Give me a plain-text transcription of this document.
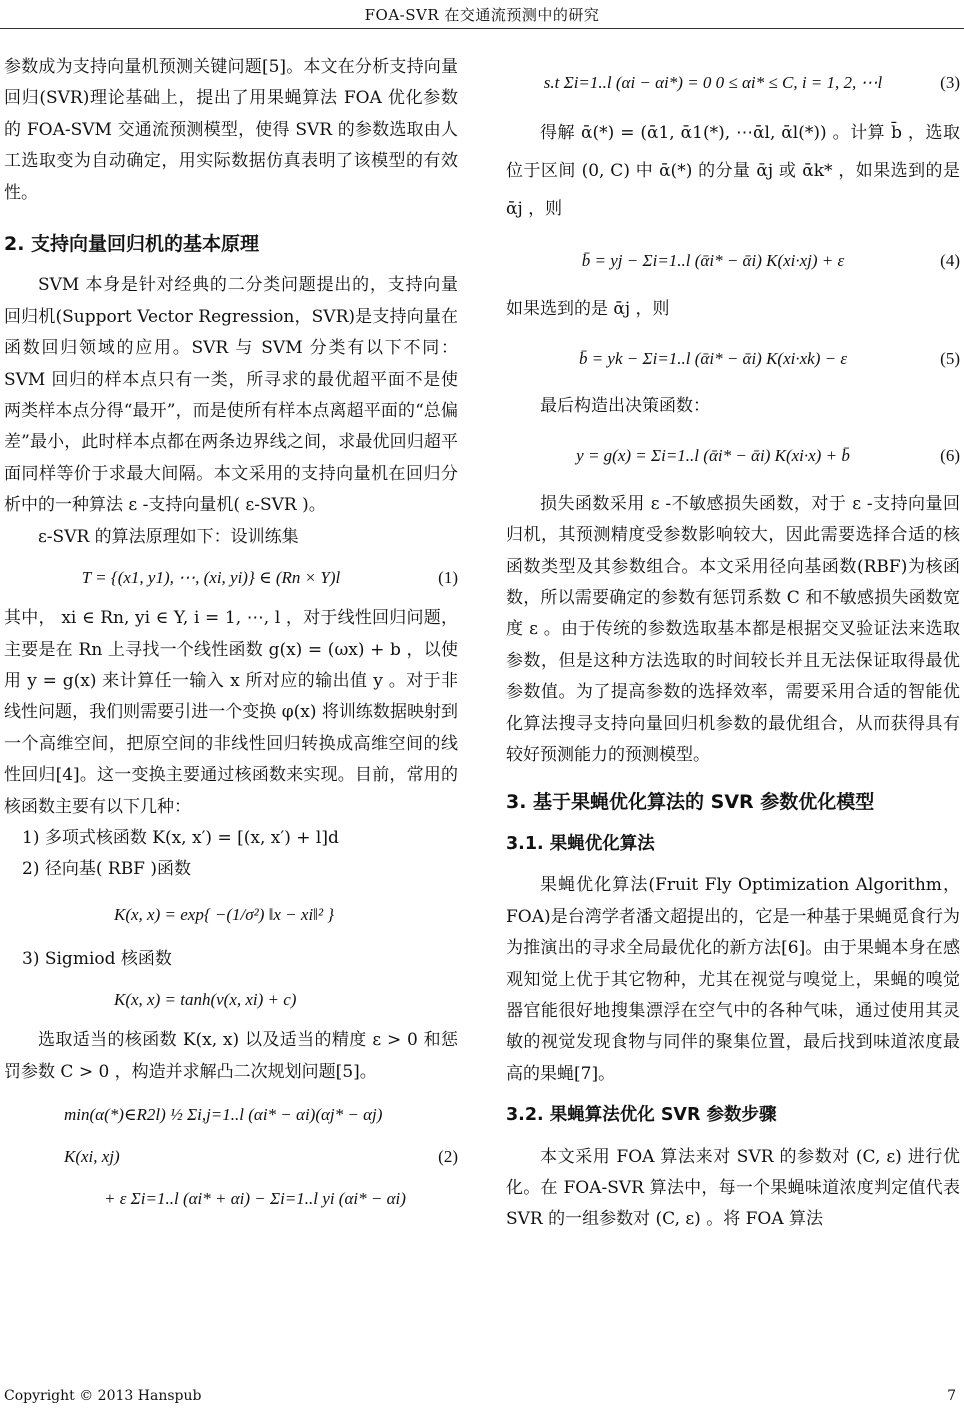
FOA-SVR 在交通流预测中的研究

参数成为支持向量机预测关键问题[5]。本文在分析支持向量回归(SVR)理论基础上，提出了用果蝇算法 FOA 优化参数的 FOA-SVM 交通流预测模型，使得 SVR 的参数选取由人工选取变为自动确定，用实际数据仿真表明了该模型的有效性。

2. 支持向量回归机的基本原理

SVM 本身是针对经典的二分类问题提出的，支持向量回归机(Support Vector Regression，SVR)是支持向量在函数回归领域的应用。SVR 与 SVM 分类有以下不同：SVM 回归的样本点只有一类，所寻求的最优超平面不是使两类样本点分得“最开”，而是使所有样本点离超平面的“总偏差”最小，此时样本点都在两条边界线之间，求最优回归超平面同样等价于求最大间隔。本文采用的支持向量机在回归分析中的一种算法 ε -支持向量机( ε-SVR )。

ε-SVR 的算法原理如下：设训练集

T = {(x1, y1), ⋯, (xi, yi)} ∈ (Rn × Y)l	(1)

其中， xi ∈ Rn, yi ∈ Y, i = 1, ⋯, l ，对于线性回归问题，主要是在 Rn 上寻找一个线性函数 g(x) = (ωx) + b ，以使用 y = g(x) 来计算任一输入 x 所对应的输出值 y 。对于非线性问题，我们则需要引进一个变换 φ(x) 将训练数据映射到一个高维空间，把原空间的非线性回归转换成高维空间的线性回归[4]。这一变换主要通过核函数来实现。目前，常用的核函数主要有以下几种：

1) 多项式核函数 K(x, x′) = [(x, x′) + l]d

2) 径向基( RBF )函数

K(x, x) = exp{ −(1/σ²) ‖x − xi‖² }

3) Sigmiod 核函数

K(x, x) = tanh(v(x, xi) + c)

选取适当的核函数 K(x, x) 以及适当的精度 ε > 0 和惩罚参数 C > 0 ，构造并求解凸二次规划问题[5]。

min(α(*)∈R2l) ½ Σi,j=1..l (αi* − αi)(αj* − αj) K(xi, xj)
+ ε Σi=1..l (αi* + αi) − Σi=1..l yi (αi* − αi)
(2)
s.t Σi=1..l (αi − αi*) = 0 0 ≤ αi* ≤ C, i = 1, 2, ⋯l	(3)

得解 ᾱ(*) = (ᾱ1, ᾱ1(*), ⋯ᾱl, ᾱl(*)) 。计算 b̄ ，选取位于区间 (0, C) 中 ᾱ(*) 的分量 ᾱj 或 ᾱk* ，如果选到的是 ᾱj ，则

b̄ = yj − Σi=1..l (ᾱi* − ᾱi) K(xi·xj) + ε	(4)

如果选到的是 ᾱj ，则

b̄ = yk − Σi=1..l (ᾱi* − ᾱi) K(xi·xk) − ε	(5)

最后构造出决策函数：

y = g(x) = Σi=1..l (ᾱi* − ᾱi) K(xi·x) + b̄	(6)

损失函数采用 ε -不敏感损失函数，对于 ε -支持向量回归机，其预测精度受参数影响较大，因此需要选择合适的核函数类型及其参数组合。本文采用径向基函数(RBF)为核函数，所以需要确定的参数有惩罚系数 C 和不敏感损失函数宽度 ε 。由于传统的参数选取基本都是根据交叉验证法来选取参数，但是这种方法选取的时间较长并且无法保证取得最优参数值。为了提高参数的选择效率，需要采用合适的智能优化算法搜寻支持向量回归机参数的最优组合，从而获得具有较好预测能力的预测模型。

3. 基于果蝇优化算法的 SVR 参数优化模型

3.1. 果蝇优化算法

果蝇优化算法(Fruit Fly Optimization Algorithm，FOA)是台湾学者潘文超提出的，它是一种基于果蝇觅食行为为推演出的寻求全局最优化的新方法[6]。由于果蝇本身在感观知觉上优于其它物种，尤其在视觉与嗅觉上，果蝇的嗅觉器官能很好地搜集漂浮在空气中的各种气味，通过使用其灵敏的视觉发现食物与同伴的聚集位置，最后找到味道浓度最高的果蝇[7]。

3.2. 果蝇算法优化 SVR 参数步骤

本文采用 FOA 算法来对 SVR 的参数对 (C, ε) 进行优化。在 FOA-SVR 算法中，每一个果蝇味道浓度判定值代表 SVR 的一组参数对 (C, ε) 。将 FOA 算法

Copyright © 2013 Hanspub	7
